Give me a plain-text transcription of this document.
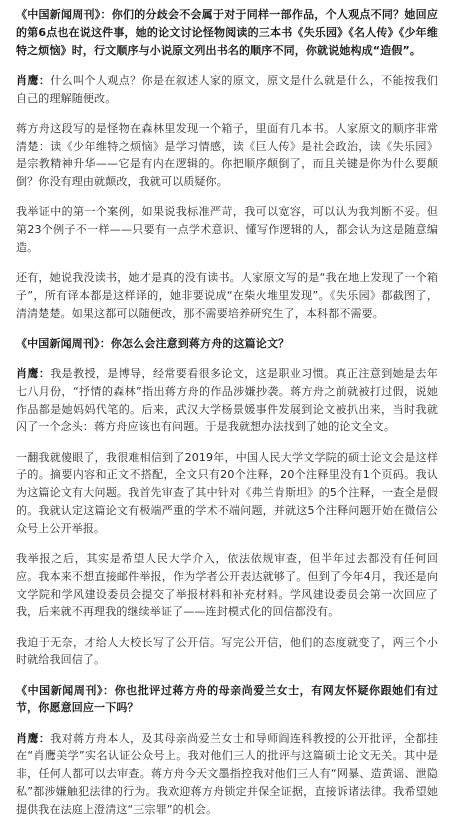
《中国新闻周刊》：你们的分歧会不会属于对于同样一部作品，个人观点不同？她回应的第6点也在说这件事，她的论文讨论怪物阅读的三本书《失乐园》《名人传》《少年维特之烦恼》时，行文顺序与小说原文列出书名的顺序不同，你就说她构成“造假”。

肖鹰：什么叫个人观点？你是在叙述人家的原文，原文是什么就是什么，不能按我们自己的理解随便改。

蒋方舟这段写的是怪物在森林里发现一个箱子，里面有几本书。人家原文的顺序非常清楚：读《少年维特之烦恼》是学习情感，读《巨人传》是社会政治，读《失乐园》是宗教精神升华——它是有内在逻辑的。你把顺序颠倒了，而且关键是你为什么要颠倒？你没有理由就颠改，我就可以质疑你。

我举证中的第一个案例，如果说我标准严苛，我可以宽容，可以认为我判断不妥。但第23个例子不一样——只要有一点学术意识、懂写作逻辑的人，都会认为这是随意编造。

还有，她说我没读书，她才是真的没有读书。人家原文写的是“我在地上发现了一个箱子”，所有译本都是这样译的，她非要说成“在柴火堆里发现”。《失乐园》都截图了，清清楚楚。如果这都可以随便改，那不需要培养研究生了，本科都不需要。

《中国新闻周刊》：你怎么会注意到蒋方舟的这篇论文？

肖鹰：我是教授，是博导，经常要看很多论文，这是职业习惯。真正注意到她是去年七八月份，“抒情的森林”指出蒋方舟的作品涉嫌抄袭。蒋方舟之前就被打过假，说她作品都是她妈妈代笔的。后来，武汉大学杨景媛事件发展到论文被扒出来，当时我就闪了一个念头：蒋方舟应该也有问题。于是我就想办法找到了她的论文全文。

一翻我就傻眼了，我很难相信到了2019年，中国人民大学文学院的硕士论文会是这样子的。摘要内容和正文不搭配，全文只有20个注释，20个注释里没有1个页码。我认为这篇论文有大问题。我首先审查了其中针对《弗兰肯斯坦》的5个注释，一查全是假的。我就认定这篇论文有极端严重的学术不端问题，并就这5个注释问题开始在微信公众号上公开举报。

我举报之后，其实是希望人民大学介入，依法依规审查，但半年过去都没有任何回应。我本来不想直接邮件举报，作为学者公开表达就够了。但到了今年4月，我还是向文学院和学风建设委员会提交了举报材料和补充材料。学风建设委员会第一次回应了我，后来就不再理我的继续举证了——连封模式化的回信都没有。

我迫于无奈，才给人大校长写了公开信。写完公开信，他们的态度就变了，两三个小时就给我回信了。

《中国新闻周刊》：你也批评过蒋方舟的母亲尚爱兰女士，有网友怀疑你跟她们有过节，你愿意回应一下吗？

肖鹰：我对蒋方舟本人，及其母亲尚爱兰女士和导师阎连科教授的公开批评，全都挂在“肖鹰美学”实名认证公众号上。我对他们三人的批评与这篇硕士论文无关。其中是非，任何人都可以去审查。蒋方舟今天文墨指控我对他们三人有“网暴、造黄谣、泄隐私”都涉嫌触犯法律的行为。我欢迎蒋方舟锁定并保全证据，直接诉诸法律。我希望她提供我在法庭上澄清这“三宗罪”的机会。
